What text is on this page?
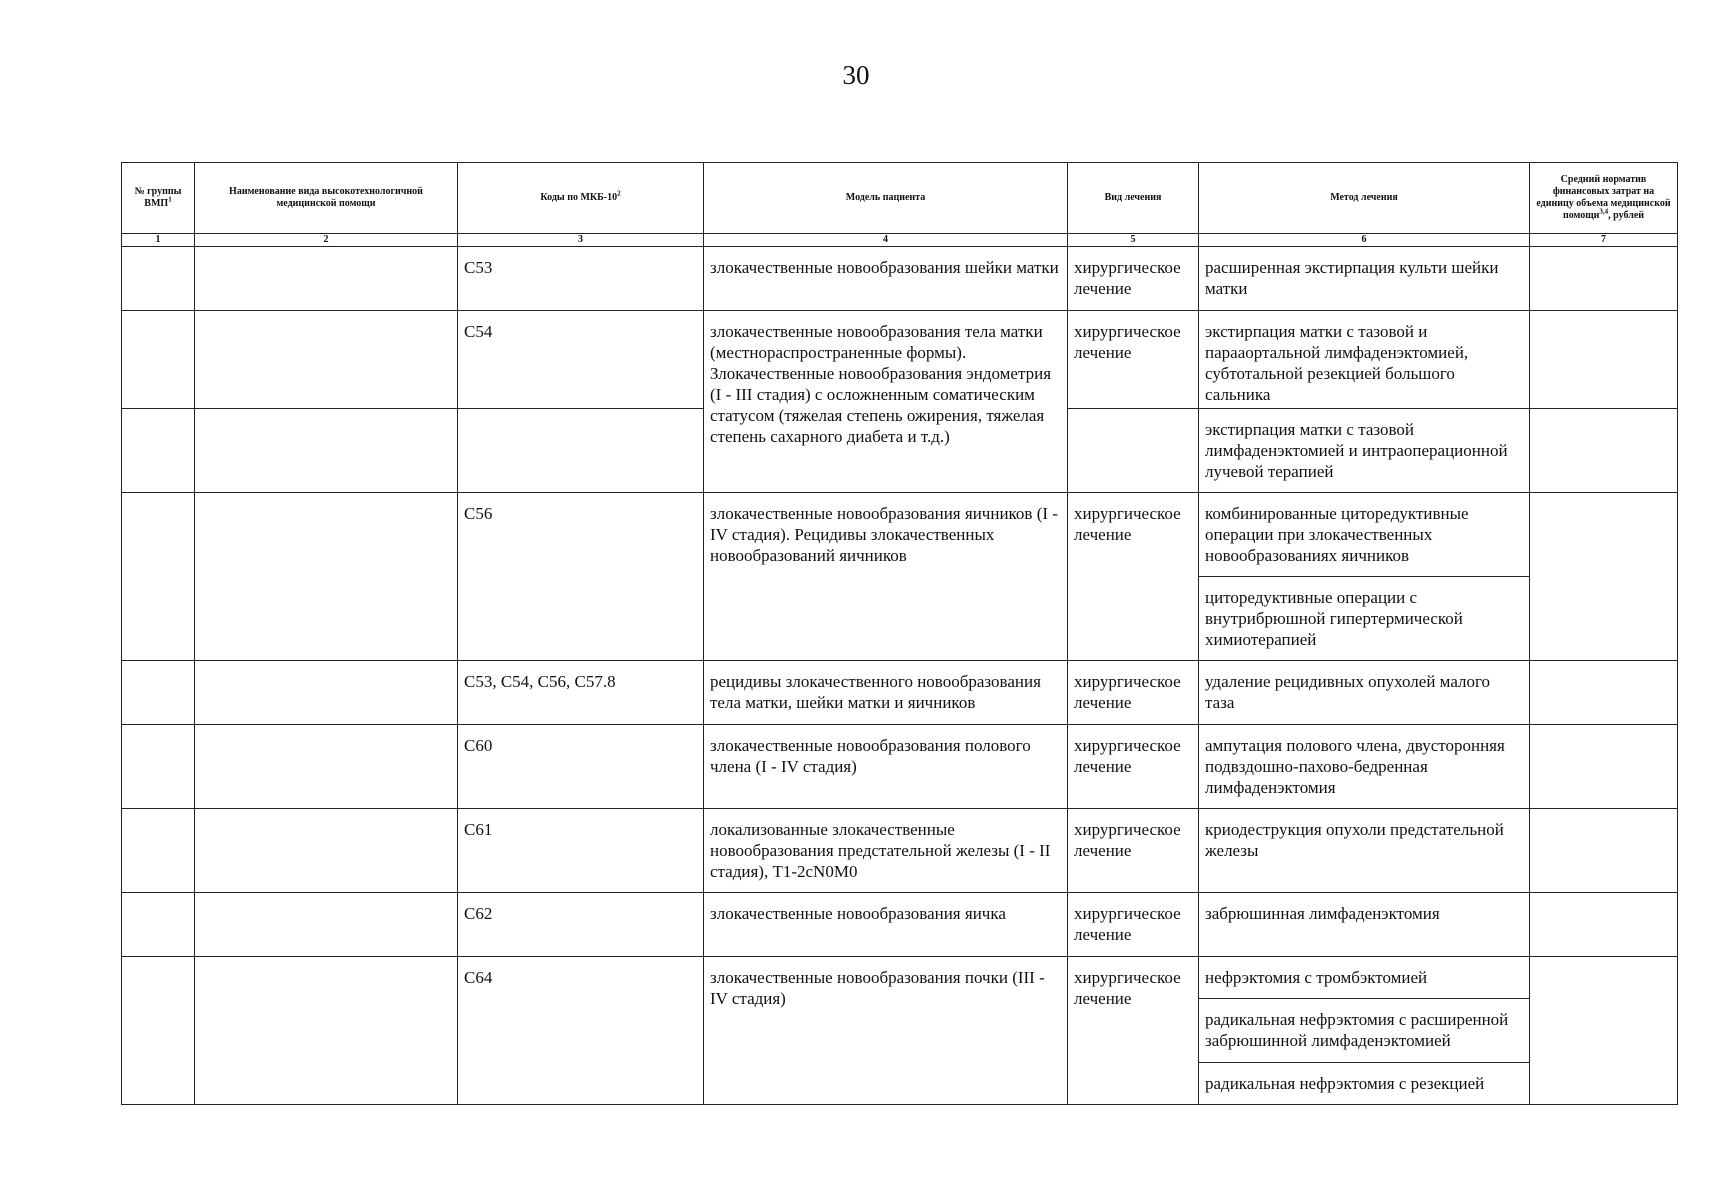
30
№ группы ВМП$^1$	Наименование вида высокотехнологичной медицинской помощи	Коды по МКБ-$10^2$	Модель пациента	Вид лечения	Метод лечения	Средний норматив финансовых затрат на единицу объема медицинской помощи$^{3,4}$, рублей
1	2	3	4	5	6	7
		C53	злокачественные новообразования шейки матки	хирургическое лечение	расширенная экстирпация культи шейки матки	
		C54	злокачественные новообразования тела матки (местнораспространенные формы). Злокачественные новообразования эндометрия (I - III стадия) с осложненным соматическим статусом (тяжелая степень ожирения, тяжелая степень сахарного диабета и т.д.)	хирургическое лечение	экстирпация матки с тазовой и парааортальной лимфаденэктомией, субтотальной резекцией большого сальника	
					экстирпация матки с тазовой лимфаденэктомией и интраоперационной лучевой терапией	
		C56	злокачественные новообразования яичников (I - IV стадия). Рецидивы злокачественных новообразований яичников	хирургическое лечение	комбинированные циторедуктивные операции при злокачественных новообразованиях яичников	
					циторедуктивные операции с внутрибрюшной гипертермической химиотерапией	
		C53, C54, C56, C57.8	рецидивы злокачественного новообразования тела матки, шейки матки и яичников	хирургическое лечение	удаление рецидивных опухолей малого таза	
		C60	злокачественные новообразования полового члена (I - IV стадия)	хирургическое лечение	ампутация полового члена, двусторонняя подвздошно-пахово-бедренная лимфаденэктомия	
		C61	локализованные злокачественные новообразования предстательной железы (I - II стадия), T1-2cN0M0	хирургическое лечение	криодеструкция опухоли предстательной железы	
		C62	злокачественные новообразования яичка	хирургическое лечение	забрюшинная лимфаденэктомия	
		C64	злокачественные новообразования почки (III - IV стадия)	хирургическое лечение	нефрэктомия с тромбэктомией	
					радикальная нефрэктомия с расширенной забрюшинной лимфаденэктомией	
					радикальная нефрэктомия с резекцией	
